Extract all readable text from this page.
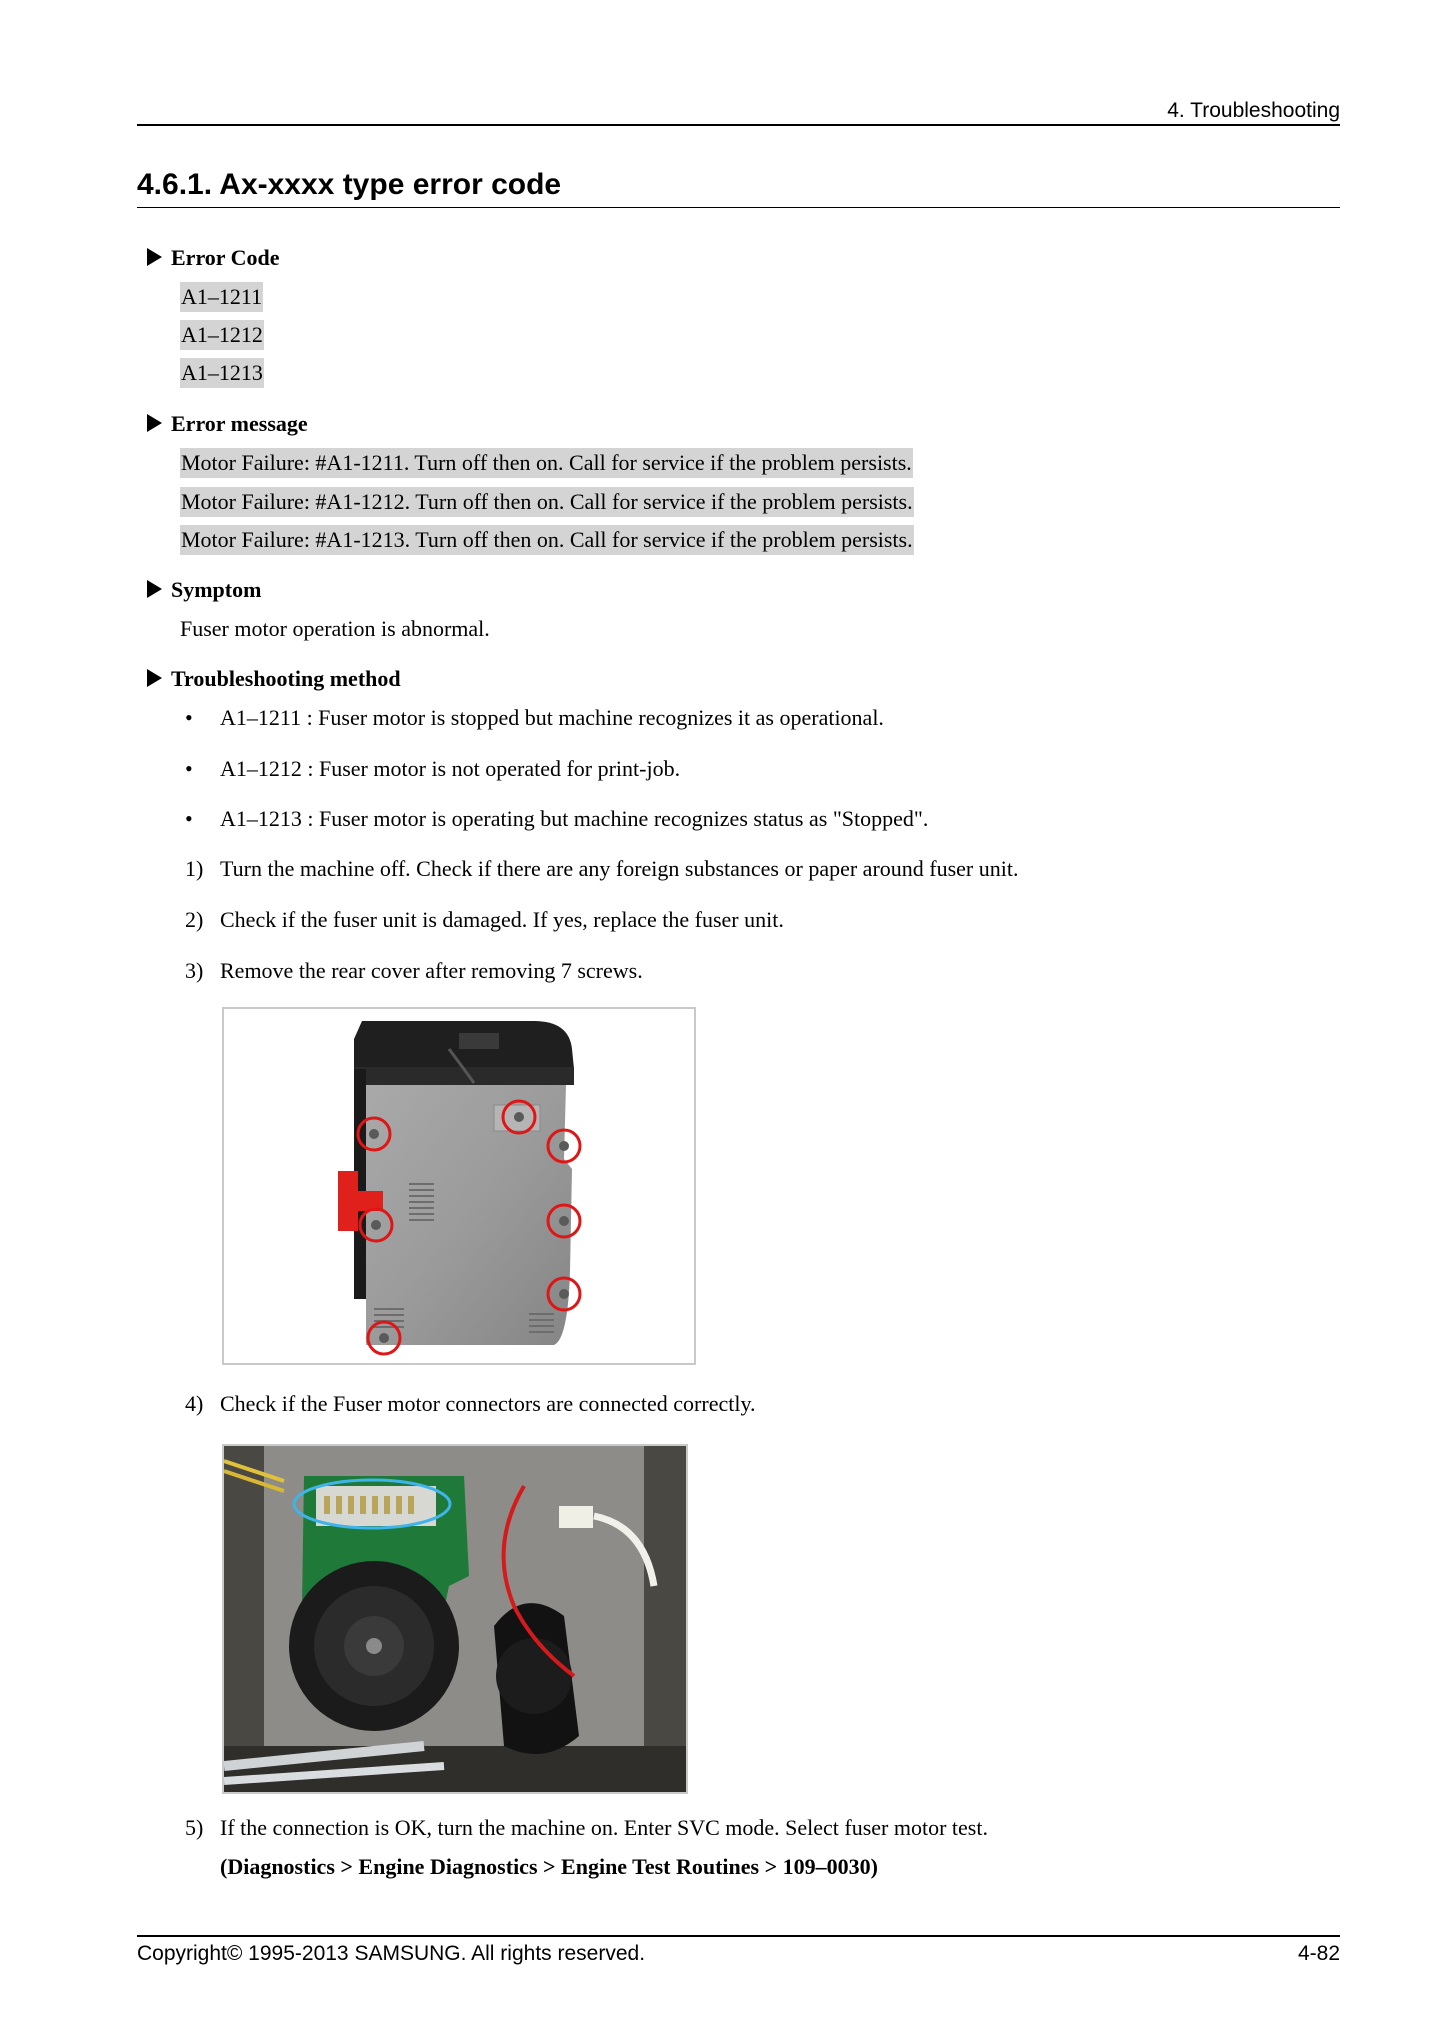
4. Troubleshooting
4.6.1. Ax-xxxx type error code
Error Code
A1–1211
A1–1212
A1–1213
Error message
Motor Failure: #A1-1211. Turn off then on. Call for service if the problem persists.
Motor Failure: #A1-1212. Turn off then on. Call for service if the problem persists.
Motor Failure: #A1-1213. Turn off then on. Call for service if the problem persists.
Symptom
Fuser motor operation is abnormal.
Troubleshooting method
• A1–1211 : Fuser motor is stopped but machine recognizes it as operational.
• A1–1212 : Fuser motor is not operated for print-job.
• A1–1213 : Fuser motor is operating but machine recognizes status as "Stopped".
1) Turn the machine off. Check if there are any foreign substances or paper around fuser unit.
2) Check if the fuser unit is damaged. If yes, replace the fuser unit.
3) Remove the rear cover after removing 7 screws.
4) Check if the Fuser motor connectors are connected correctly.
5) If the connection is OK, turn the machine on. Enter SVC mode. Select fuser motor test.
(Diagnostics > Engine Diagnostics > Engine Test Routines > 109–0030)
Copyright© 1995-2013 SAMSUNG. All rights reserved.	4-82
